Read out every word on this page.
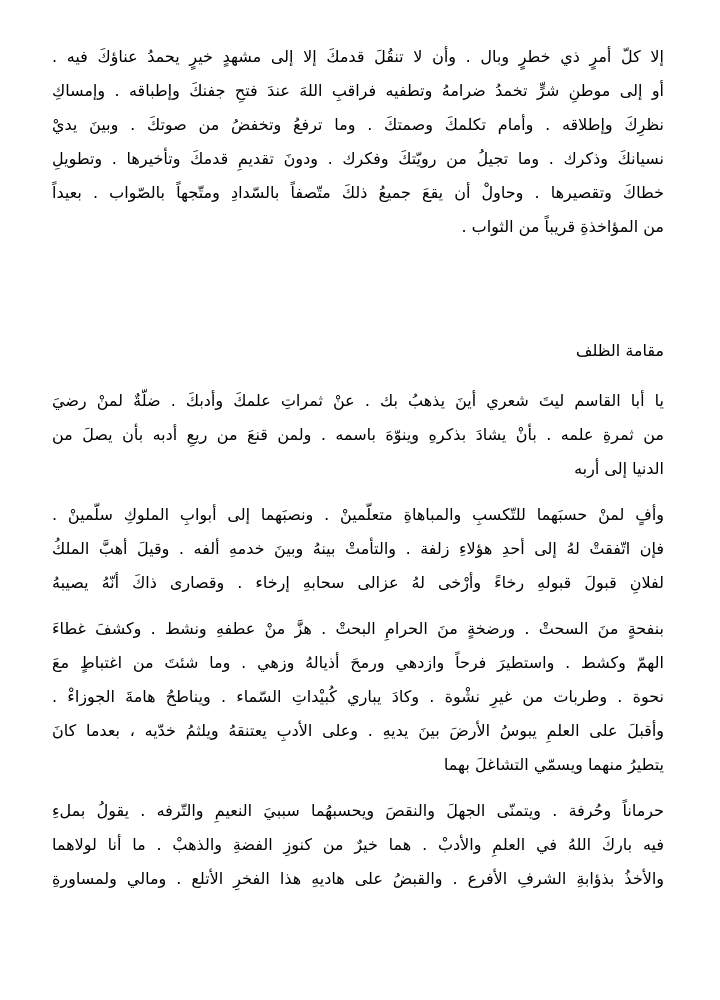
إلا كلّ أمرٍ ذي خطرٍ وبال . وأن لا تنقُلَ قدمكَ إلا إلى مشهدٍ خيرٍ يحمدُ عناؤكَ فيه .
أو إلى موطنِ شرٍّ تخمدُ ضرامهُ وتطفيه فراقبِ اللهَ عندَ فتحِ جفنكَ وإطباقه . وإمساكِ
نظرِكَ وإطلاقه . وأمام تكلمكَ وصمتكَ . وما ترفعُ وتخفضُ من صوتكَ . وبينَ يديْ
نسيانكَ وذكرك . وما تجيلُ من رويّتكَ وفكرك . ودونَ تقديمِ قدمكَ وتأخيرها . وتطويلِ
خطاكَ وتقصيرها . وحاولْ أن يقعَ جميعُ ذلكَ متّصفاً بالسّدادِ ومتّجهاً بالصّواب . بعيداً
من المؤاخذةِ قريباً من الثواب .
مقامة الظلف
يا أبا القاسم ليتَ شعري أينَ يذهبُ بك . عنْ ثمراتِ علمكَ وأدبكَ . ضلّةٌ لمنْ رضيَ
من ثمرةِ علمه . بأنْ يشادَ بذكرهِ وينوّهَ باسمه . ولمن قنعَ من ريعِ أدبه بأن يصلَ من
الدنيا إلى أربه
وأفٍ لمنْ حسبَهما للتّكسبِ والمباهاةِ متعلّمينْ . ونصبَهما إلى أبوابِ الملوكِ سلّمينْ .
فإن اتّفقتْ لهُ إلى أحدِ هؤلاءِ زلفة . والتأمتْ بينهُ وبينَ خدمهِ ألفه . وقيلَ أهبَّ الملكُ
لفلانِ قبولَ قبولهِ رخاءً وأرْخى لهُ عزالى سحابهِ إرخاء . وقصارى ذاكَ أنّهُ يصيبهُ
بنفحةٍ منَ السحتْ . ورضخةٍ منَ الحرامِ البحتْ . هزَّ منْ عطفهِ ونشط . وكشفَ غطاءَ
الهمّ وكشط . واستطيرَ فرحاً وازدهي ورمحَ أذيالهُ وزهي . وما شئتَ من اغتباطٍ معَ
نحوة . وطربات من غيرِ نشْوة . وكادَ يباري كُبيْداتِ السّماء . ويناطحُ هامةَ الجوزاءْ .
وأقبلَ على العلمِ يبوسُ الأرضَ بينَ يديهِ . وعلى الأدبِ يعتنقهُ ويلثمُ خدّيه ، بعدما كانَ
يتطيرُ منهما ويسمّي التشاغلَ بهما
حرماناً وحُرفة . ويتمنّى الجهلَ والنقصَ ويحسبهُما سببيَ النعيمِ والتّرفه . يقولُ بملءِ
فيه باركَ اللهُ في العلمِ والأدبْ . هما خيرٌ من كنوزِ الفضةِ والذهبْ . ما أنا لولاهما
والأخذُ بذؤابةِ الشرفِ الأفرع . والقبضُ على هاديهِ هذا الفخرِ الأتلع . ومالي ولمساورةِ
